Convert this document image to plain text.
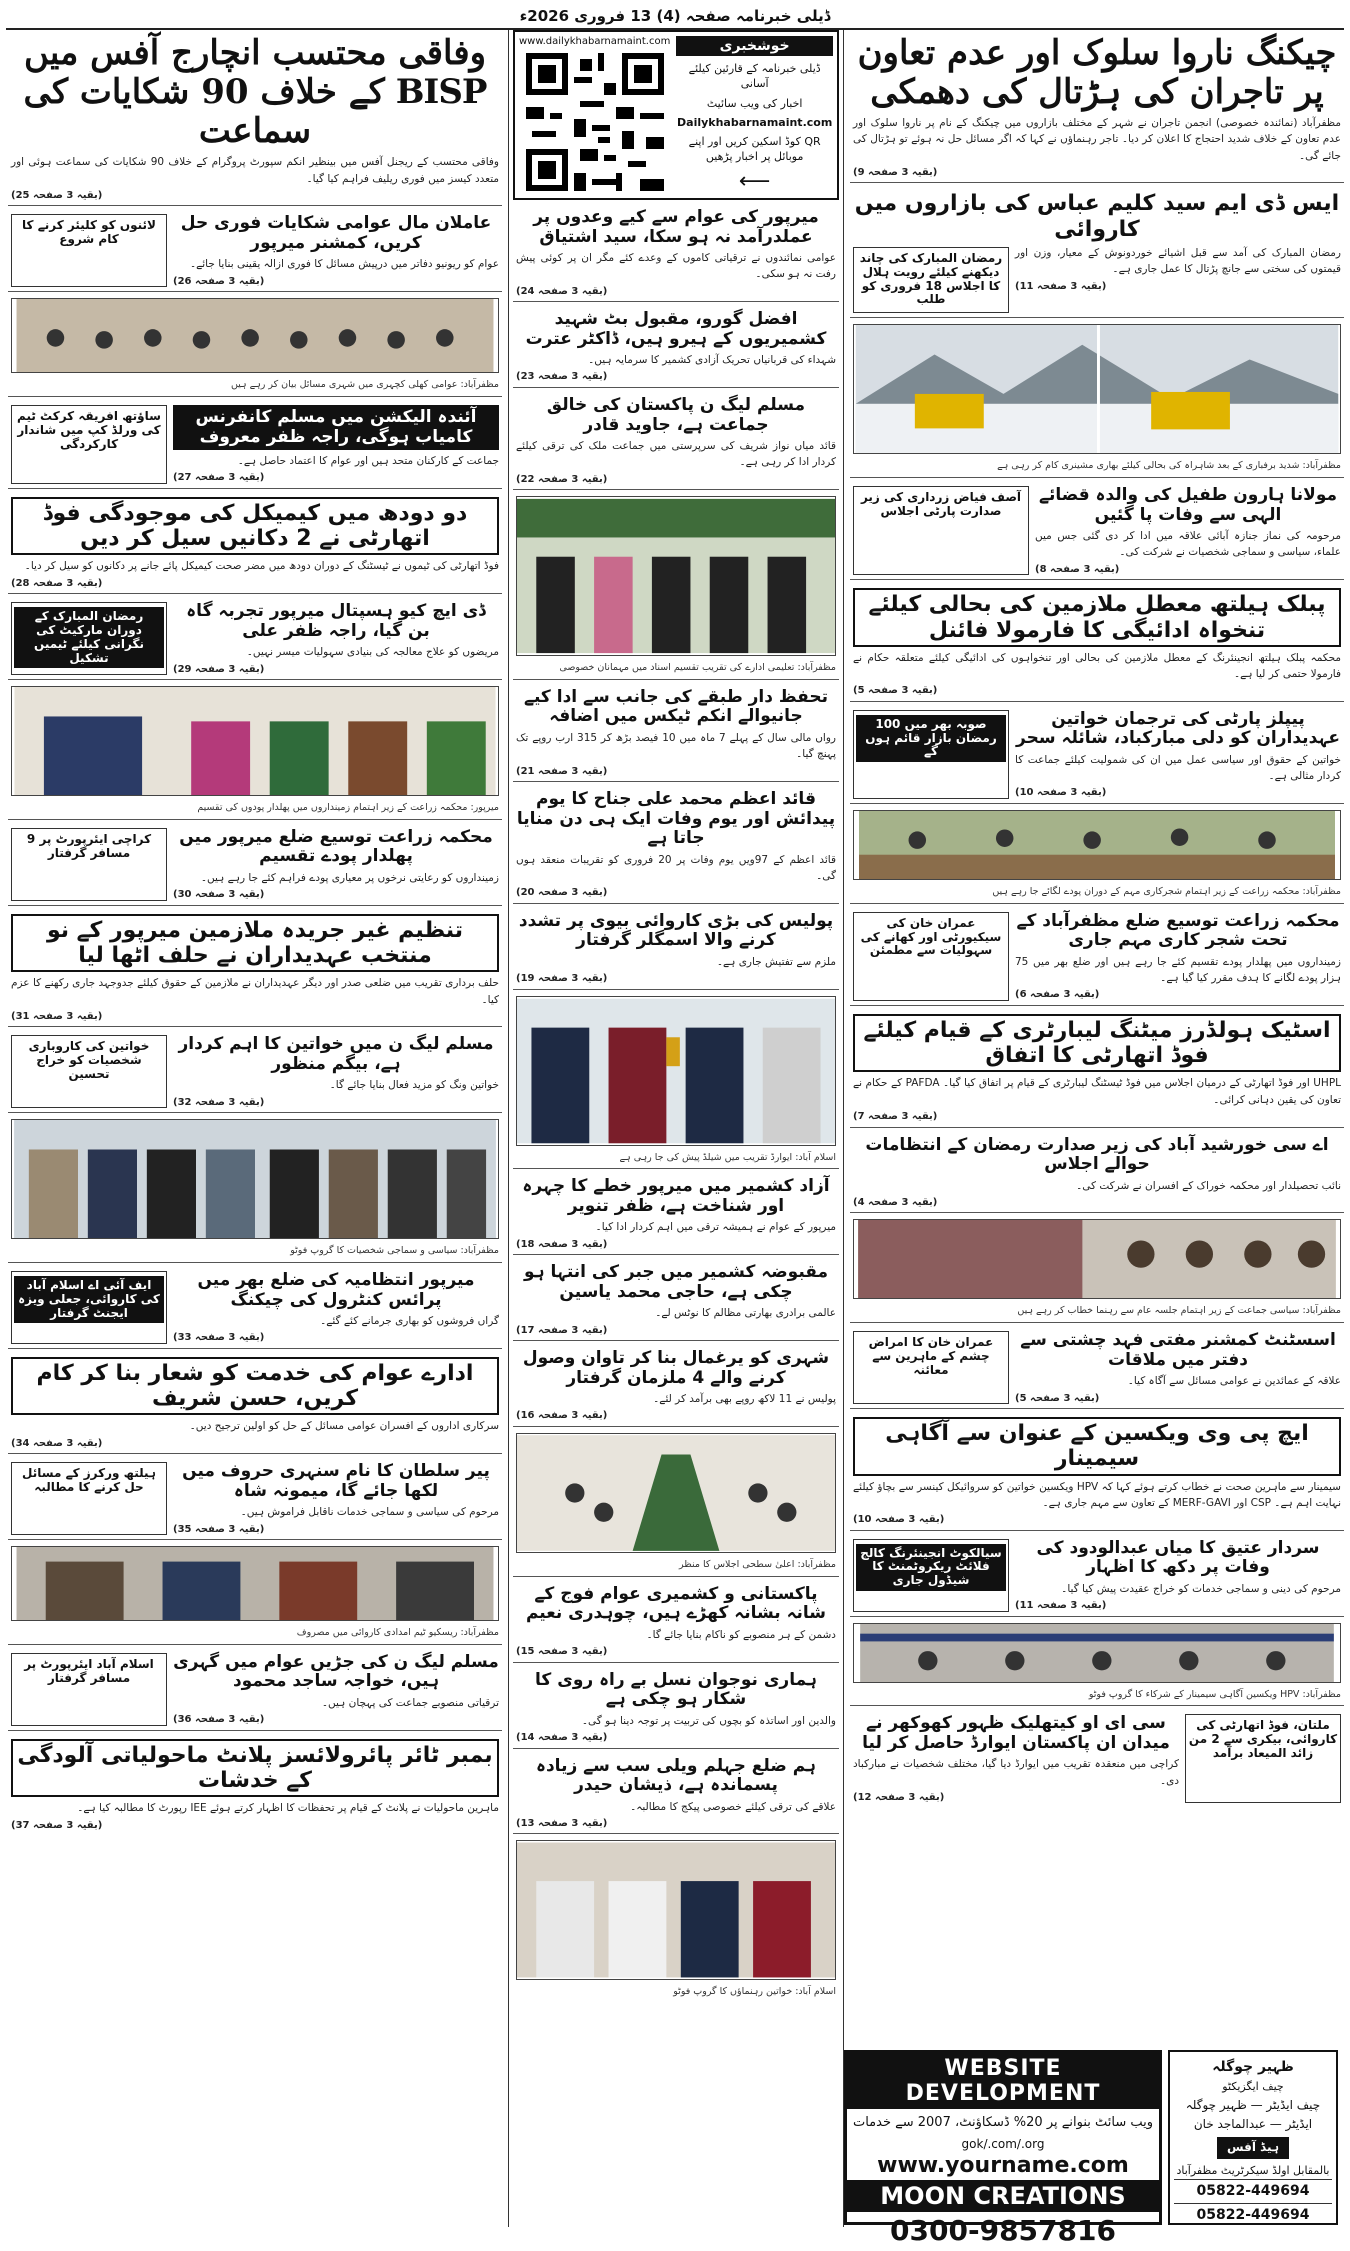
ڈیلی خبرنامہ صفحہ (4) 13 فروری 2026ء
چیکنگ ناروا سلوک اور عدم تعاون پر تاجران کی ہڑتال کی دھمکی
مظفرآباد (نمائندہ خصوصی) انجمن تاجران نے شہر کے مختلف بازاروں میں چیکنگ کے نام پر ناروا سلوک اور عدم تعاون کے خلاف شدید احتجاج کا اعلان کر دیا۔ تاجر رہنماؤں نے کہا کہ اگر مسائل حل نہ ہوئے تو ہڑتال کی جائے گی۔
(بقیہ 3 صفحہ 9)
ایس ڈی ایم سید کلیم عباس کی بازاروں میں کاروائی
رمضان المبارک کی آمد سے قبل اشیائے خوردونوش کے معیار، وزن اور قیمتوں کی سختی سے جانچ پڑتال کا عمل جاری ہے۔
(بقیہ 3 صفحہ 11)
رمضان المبارک کی چاند دیکھنے کیلئے رویت ہلال کا اجلاس 18 فروری کو طلب
مظفرآباد: شدید برفباری کے بعد شاہراہ کی بحالی کیلئے بھاری مشینری کام کر رہی ہے
مولانا ہارون طفیل کی والدہ قضائے الہی سے وفات پا گئیں
مرحومہ کی نماز جنازہ آبائی علاقہ میں ادا کر دی گئی جس میں علماء، سیاسی و سماجی شخصیات نے شرکت کی۔
(بقیہ 3 صفحہ 8)
آصف فیاض زرداری کی زیر صدارت پارٹی اجلاس
پبلک ہیلتھ معطل ملازمین کی بحالی کیلئے تنخواہ ادائیگی کا فارمولا فائنل
محکمہ پبلک ہیلتھ انجینئرنگ کے معطل ملازمین کی بحالی اور تنخواہوں کی ادائیگی کیلئے متعلقہ حکام نے فارمولا حتمی کر لیا ہے۔
(بقیہ 3 صفحہ 5)
پیپلز پارٹی کی ترجمان خواتین عہدیداران کو دلی مبارکباد، شائلہ سحر
خواتین کے حقوق اور سیاسی عمل میں ان کی شمولیت کیلئے جماعت کا کردار مثالی ہے۔
(بقیہ 3 صفحہ 10)
صوبہ بھر میں 100 رمضان بازار قائم ہوں گے
مظفرآباد: محکمہ زراعت کے زیر اہتمام شجرکاری مہم کے دوران پودے لگائے جا رہے ہیں
محکمہ زراعت توسیع ضلع مظفرآباد کے تحت شجر کاری مہم جاری
زمینداروں میں پھلدار پودے تقسیم کئے جا رہے ہیں اور ضلع بھر میں 75 ہزار پودے لگانے کا ہدف مقرر کیا گیا ہے۔
(بقیہ 3 صفحہ 6)
عمران خان کی سیکیورٹی اور کھانے کی سہولیات سے مطمئن
اسٹیک ہولڈرز میٹنگ لیبارٹری کے قیام کیلئے فوڈ اتھارٹی کا اتفاق
UHPL اور فوڈ اتھارٹی کے درمیان اجلاس میں فوڈ ٹیسٹنگ لیبارٹری کے قیام پر اتفاق کیا گیا۔ PAFDA کے حکام نے تعاون کی یقین دہانی کرائی۔
(بقیہ 3 صفحہ 7)
اے سی خورشید آباد کی زیر صدارت رمضان کے انتظامات حوالے اجلاس
نائب تحصیلدار اور محکمہ خوراک کے افسران نے شرکت کی۔
(بقیہ 3 صفحہ 4)
مظفرآباد: سیاسی جماعت کے زیر اہتمام جلسہ عام سے رہنما خطاب کر رہے ہیں
اسسٹنٹ کمشنر مفتی فہد چشتی سے دفتر میں ملاقات
علاقہ کے عمائدین نے عوامی مسائل سے آگاہ کیا۔
(بقیہ 3 صفحہ 5)
عمران خان کا امراض چشم کے ماہرین سے معائنہ
ایچ پی وی ویکسین کے عنوان سے آگاہی سیمینار
سیمینار سے ماہرین صحت نے خطاب کرتے ہوئے کہا کہ HPV ویکسین خواتین کو سروائیکل کینسر سے بچاؤ کیلئے نہایت اہم ہے۔ CSP اور MERF-GAVI کے تعاون سے مہم جاری ہے۔
(بقیہ 3 صفحہ 10)
سردار عتیق کا میاں عبدالودود کی وفات پر دکھ کا اظہار
مرحوم کی دینی و سماجی خدمات کو خراج عقیدت پیش کیا گیا۔
(بقیہ 3 صفحہ 11)
سیالکوٹ انجینئرنگ کالج فلائٹ ریکروٹمنٹ کا شیڈول جاری
مظفرآباد: HPV ویکسین آگاہی سیمینار کے شرکاء کا گروپ فوٹو
ملتان، فوڈ اتھارٹی کی کاروائی، بیکری سے 2 من زائد المیعاد برآمد
سی ای او کیتھلیک ظہور کھوکھر نے میدان ان پاکستان ایوارڈ حاصل کر لیا
کراچی میں منعقدہ تقریب میں ایوارڈ دیا گیا، مختلف شخصیات نے مبارکباد دی۔
(بقیہ 3 صفحہ 12)
خوشخبری
ڈیلی خبرنامہ کے قارئین کیلئے آسانی
اخبار کی ویب سائیٹ
Dailykhabarnamaint.com
QR کوڈ اسکین کریں اور اپنے موبائل پر اخبار پڑھیں
⟵
www.dailykhabarnamaint.com
میرپور کی عوام سے کیے وعدوں پر عملدرآمد نہ ہو سکا، سید اشتیاق
عوامی نمائندوں نے ترقیاتی کاموں کے وعدے کئے مگر ان پر کوئی پیش رفت نہ ہو سکی۔
(بقیہ 3 صفحہ 24)
افضل گورو، مقبول بٹ شہید کشمیریوں کے ہیرو ہیں، ڈاکٹر عترت
شہداء کی قربانیاں تحریک آزادی کشمیر کا سرمایہ ہیں۔
(بقیہ 3 صفحہ 23)
مسلم لیگ ن پاکستان کی خالق جماعت ہے، جاوید قادر
قائد میاں نواز شریف کی سرپرستی میں جماعت ملک کی ترقی کیلئے کردار ادا کر رہی ہے۔
(بقیہ 3 صفحہ 22)
مظفرآباد: تعلیمی ادارے کی تقریب تقسیم اسناد میں مہمانان خصوصی
تحفظ دار طبقے کی جانب سے ادا کیے جانیوالے انکم ٹیکس میں اضافہ
رواں مالی سال کے پہلے 7 ماہ میں 10 فیصد بڑھ کر 315 ارب روپے تک پہنچ گیا۔
(بقیہ 3 صفحہ 21)
قائد اعظم محمد علی جناح کا یوم پیدائش اور یوم وفات ایک ہی دن منایا جاتا ہے
قائد اعظم کے 97ویں یوم وفات پر 20 فروری کو تقریبات منعقد ہوں گی۔
(بقیہ 3 صفحہ 20)
پولیس کی بڑی کاروائی بیوی پر تشدد کرنے والا اسمگلر گرفتار
ملزم سے تفتیش جاری ہے۔
(بقیہ 3 صفحہ 19)
اسلام آباد: ایوارڈ تقریب میں شیلڈ پیش کی جا رہی ہے
آزاد کشمیر میں میرپور خطے کا چہرہ اور شناخت ہے، ظفر تنویر
میرپور کے عوام نے ہمیشہ ترقی میں اہم کردار ادا کیا۔
(بقیہ 3 صفحہ 18)
مقبوضہ کشمیر میں جبر کی انتہا ہو چکی ہے، حاجی محمد یاسین
عالمی برادری بھارتی مظالم کا نوٹس لے۔
(بقیہ 3 صفحہ 17)
شہری کو یرغمال بنا کر تاوان وصول کرنے والے 4 ملزمان گرفتار
پولیس نے 11 لاکھ روپے بھی برآمد کر لئے۔
(بقیہ 3 صفحہ 16)
مظفرآباد: اعلیٰ سطحی اجلاس کا منظر
پاکستانی و کشمیری عوام فوج کے شانہ بشانہ کھڑے ہیں، چوہدری نعیم
دشمن کے ہر منصوبے کو ناکام بنایا جائے گا۔
(بقیہ 3 صفحہ 15)
ہماری نوجوان نسل بے راہ روی کا شکار ہو چکی ہے
والدین اور اساتذہ کو بچوں کی تربیت پر توجہ دینا ہو گی۔
(بقیہ 3 صفحہ 14)
ہم ضلع جہلم ویلی سب سے زیادہ پسماندہ ہے، ذیشان حیدر
علاقے کی ترقی کیلئے خصوصی پیکج کا مطالبہ۔
(بقیہ 3 صفحہ 13)
اسلام آباد: خواتین رہنماؤں کا گروپ فوٹو
وفاقی محتسب انچارج آفس میں BISP کے خلاف 90 شکایات کی سماعت
وفاقی محتسب کے ریجنل آفس میں بینظیر انکم سپورٹ پروگرام کے خلاف 90 شکایات کی سماعت ہوئی اور متعدد کیسز میں فوری ریلیف فراہم کیا گیا۔
(بقیہ 3 صفحہ 25)
عاملان مال عوامی شکایات فوری حل کریں، کمشنر میرپور
عوام کو ریونیو دفاتر میں درپیش مسائل کا فوری ازالہ یقینی بنایا جائے۔
(بقیہ 3 صفحہ 26)
لائنوں کو کلیئر کرنے کا کام شروع
مظفرآباد: عوامی کھلی کچہری میں شہری مسائل بیان کر رہے ہیں
آئندہ الیکشن میں مسلم کانفرنس کامیاب ہوگی، راجہ ظفر معروف
جماعت کے کارکنان متحد ہیں اور عوام کا اعتماد حاصل ہے۔
(بقیہ 3 صفحہ 27)
ساؤتھ افریقہ کرکٹ ٹیم کی ورلڈ کپ میں شاندار کارکردگی
دو دودھ میں کیمیکل کی موجودگی فوڈ اتھارٹی نے 2 دکانیں سیل کر دیں
فوڈ اتھارٹی کی ٹیموں نے ٹیسٹنگ کے دوران دودھ میں مضر صحت کیمیکل پائے جانے پر دکانوں کو سیل کر دیا۔
(بقیہ 3 صفحہ 28)
ڈی ایچ کیو ہسپتال میرپور تجربہ گاہ بن گیا، راجہ ظفر علی
مریضوں کو علاج معالجہ کی بنیادی سہولیات میسر نہیں۔
(بقیہ 3 صفحہ 29)
رمضان المبارک کے دوران مارکیٹ کی نگرانی کیلئے ٹیمیں تشکیل
میرپور: محکمہ زراعت کے زیر اہتمام زمینداروں میں پھلدار پودوں کی تقسیم
محکمہ زراعت توسیع ضلع میرپور میں پھلدار پودے تقسیم
زمینداروں کو رعایتی نرخوں پر معیاری پودے فراہم کئے جا رہے ہیں۔
(بقیہ 3 صفحہ 30)
کراچی ایئرپورٹ پر 9 مسافر گرفتار
تنظیم غیر جریدہ ملازمین میرپور کے نو منتخب عہدیداران نے حلف اٹھا لیا
حلف برداری تقریب میں ضلعی صدر اور دیگر عہدیداران نے ملازمین کے حقوق کیلئے جدوجہد جاری رکھنے کا عزم کیا۔
(بقیہ 3 صفحہ 31)
مسلم لیگ ن میں خواتین کا اہم کردار ہے، بیگم منظور
خواتین ونگ کو مزید فعال بنایا جائے گا۔
(بقیہ 3 صفحہ 32)
خواتین کی کاروباری شخصیات کو خراج تحسین
مظفرآباد: سیاسی و سماجی شخصیات کا گروپ فوٹو
میرپور انتظامیہ کی ضلع بھر میں پرائس کنٹرول کی چیکنگ
گراں فروشوں کو بھاری جرمانے کئے گئے۔
(بقیہ 3 صفحہ 33)
ایف آئی اے اسلام آباد کی کاروائی، جعلی ویزہ ایجنٹ گرفتار
ادارے عوام کی خدمت کو شعار بنا کر کام کریں، حسن شریف
سرکاری اداروں کے افسران عوامی مسائل کے حل کو اولین ترجیح دیں۔
(بقیہ 3 صفحہ 34)
پیر سلطان کا نام سنہری حروف میں لکھا جائے گا، میمونہ شاہ
مرحوم کی سیاسی و سماجی خدمات ناقابل فراموش ہیں۔
(بقیہ 3 صفحہ 35)
ہیلتھ ورکرز کے مسائل حل کرنے کا مطالبہ
مظفرآباد: ریسکیو ٹیم امدادی کاروائی میں مصروف
مسلم لیگ ن کی جڑیں عوام میں گہری ہیں، خواجہ ساجد محمود
ترقیاتی منصوبے جماعت کی پہچان ہیں۔
(بقیہ 3 صفحہ 36)
اسلام آباد ایئرپورٹ پر مسافر گرفتار
بمبر ٹائر پائرولائسز پلانٹ ماحولیاتی آلودگی کے خدشات
ماہرین ماحولیات نے پلانٹ کے قیام پر تحفظات کا اظہار کرتے ہوئے IEE رپورٹ کا مطالبہ کیا ہے۔
(بقیہ 3 صفحہ 37)
ظہیر چوگلہ
چیف ایگزیکٹو
چیف ایڈیٹر — ظہیر چوگلہ
ایڈیٹر — عبدالماجد خان
ہیڈ آفس
بالمقابل اولڈ سیکرٹریٹ مظفرآباد
05822-449694
05822-449694
WEBSITE DEVELOPMENT
ویب سائٹ بنوانے پر 20% ڈسکاؤنٹ، 2007 سے خدمات
gok/.com/.org
www.yourname.com
MOON CREATIONS
0300-9857816
